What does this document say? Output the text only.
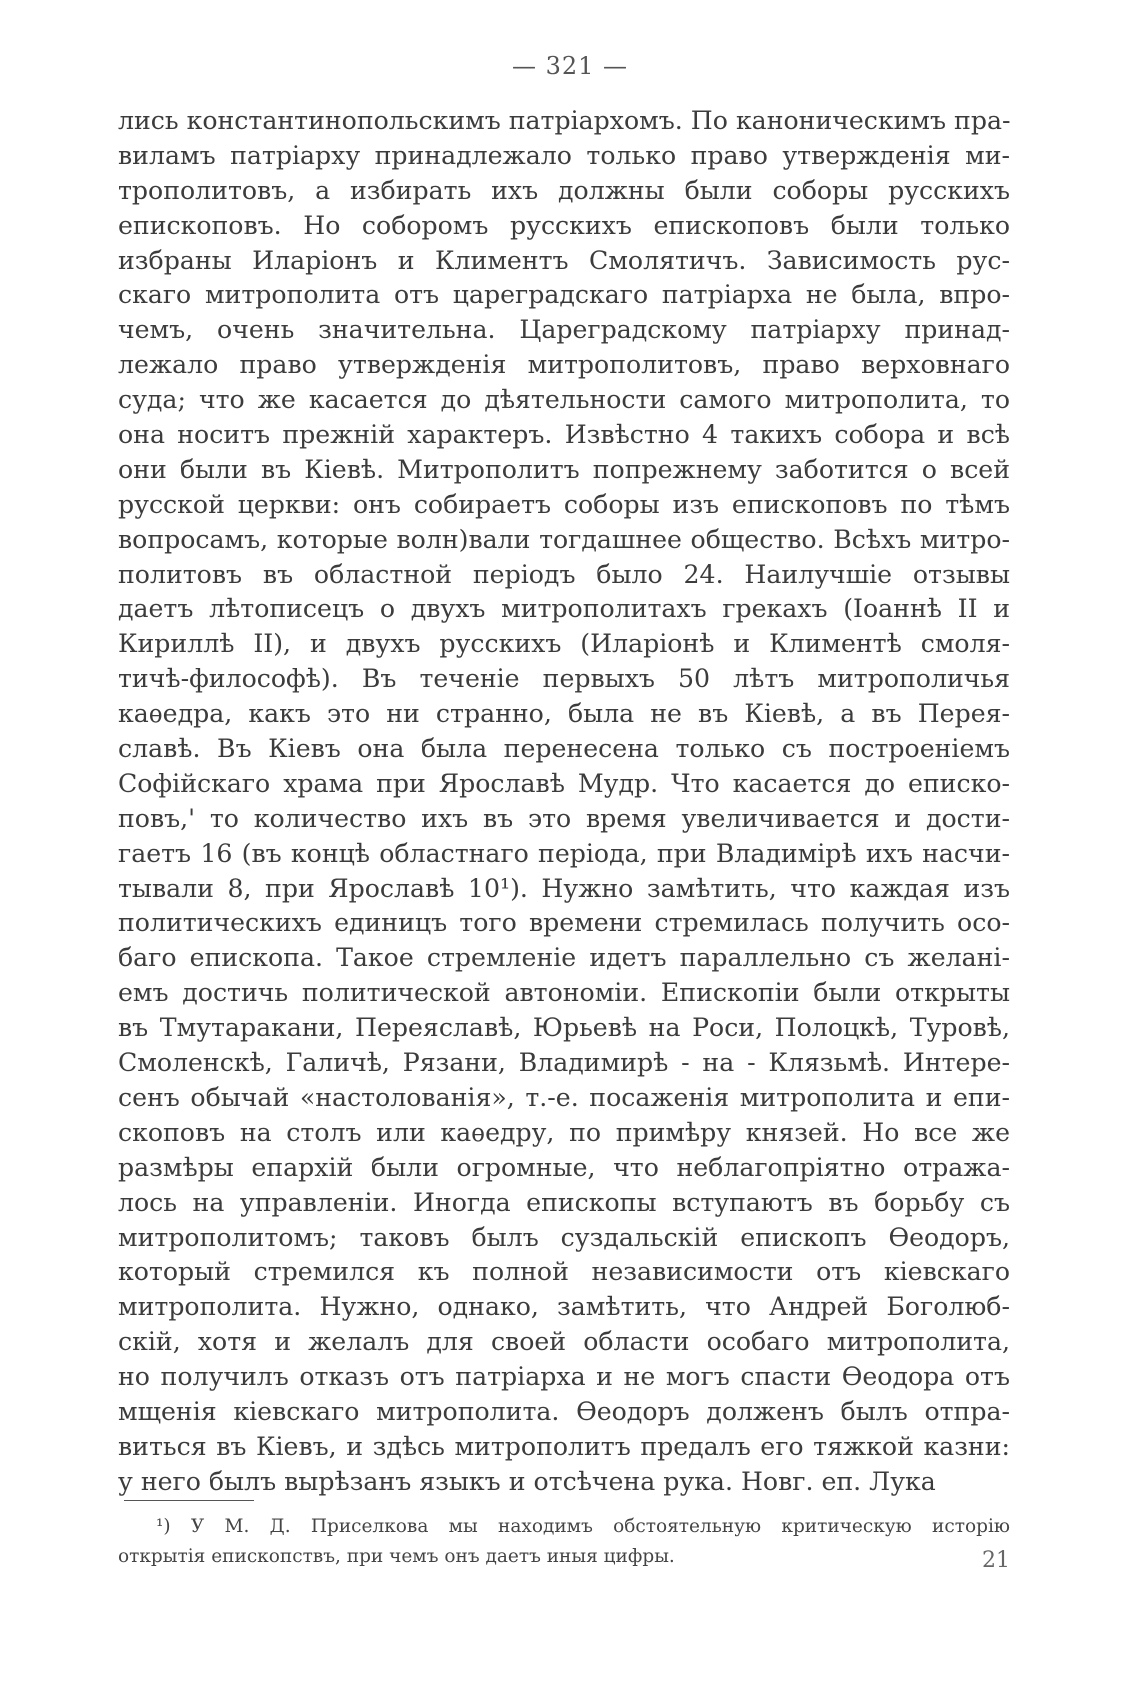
— 321 —
лись константинопольскимъ патріархомъ. По каноническимъ пра-
виламъ патріарху принадлежало только право утвержденія ми-
трополитовъ, а избирать ихъ должны были соборы русскихъ
епископовъ. Но соборомъ русскихъ епископовъ были только
избраны Иларіонъ и Климентъ Смолятичъ. Зависимость рус-
скаго митрополита отъ цареградскаго патріарха не была, впро-
чемъ, очень значительна. Цареградскому патріарху принад-
лежало право утвержденія митрополитовъ, право верховнаго
суда; что же касается до дѣятельности самого митрополита, то
она носитъ прежній характеръ. Извѣстно 4 такихъ собора и всѣ
они были въ Кіевѣ. Митрополитъ попрежнему заботится о всей
русской церкви: онъ собираетъ соборы изъ епископовъ по тѣмъ
вопросамъ, которые волн)вали тогдашнее общество. Всѣхъ митро-
политовъ въ областной періодъ было 24. Наилучшіе отзывы
даетъ лѣтописецъ о двухъ митрополитахъ грекахъ (Іоаннѣ II и
Кириллѣ II), и двухъ русскихъ (Иларіонѣ и Климентѣ смоля-
тичѣ-философѣ). Въ теченіе первыхъ 50 лѣтъ митрополичья
каѳедра, какъ это ни странно, была не въ Кіевѣ, а въ Перея-
славѣ. Въ Кіевъ она была перенесена только съ построеніемъ
Софійскаго храма при Ярославѣ Мудр. Что касается до еписко-
повъ,' то количество ихъ въ это время увеличивается и дости-
гаетъ 16 (въ концѣ областнаго періода, при Владимірѣ ихъ насчи-
тывали 8, при Ярославѣ 10¹). Нужно замѣтить, что каждая изъ
политическихъ единицъ того времени стремилась получить осо-
баго епископа. Такое стремленіе идетъ параллельно съ желані-
емъ достичь политической автономіи. Епископіи были открыты
въ Тмутаракани, Переяславѣ, Юрьевѣ на Роси, Полоцкѣ, Туровѣ,
Смоленскѣ, Галичѣ, Рязани, Владимирѣ - на - Клязьмѣ. Интере-
сенъ обычай «настолованія», т.-е. посаженія митрополита и епи-
скоповъ на столъ или каѳедру, по примѣру князей. Но все же
размѣры епархій были огромные, что неблагопріятно отража-
лось на управленіи. Иногда епископы вступаютъ въ борьбу съ
митрополитомъ; таковъ былъ суздальскій епископъ Ѳеодоръ,
который стремился къ полной независимости отъ кіевскаго
митрополита. Нужно, однако, замѣтить, что Андрей Боголюб-
скій, хотя и желалъ для своей области особаго митрополита,
но получилъ отказъ отъ патріарха и не могъ спасти Ѳеодора отъ
мщенія кіевскаго митрополита. Ѳеодоръ долженъ былъ отпра-
виться въ Кіевъ, и здѣсь митрополитъ предалъ его тяжкой казни:
у него былъ вырѣзанъ языкъ и отсѣчена рука. Новг. еп. Лука
¹) У М. Д. Приселкова мы находимъ обстоятельную критическую исторію
открытія епископствъ, при чемъ онъ даетъ иныя цифры.	21
